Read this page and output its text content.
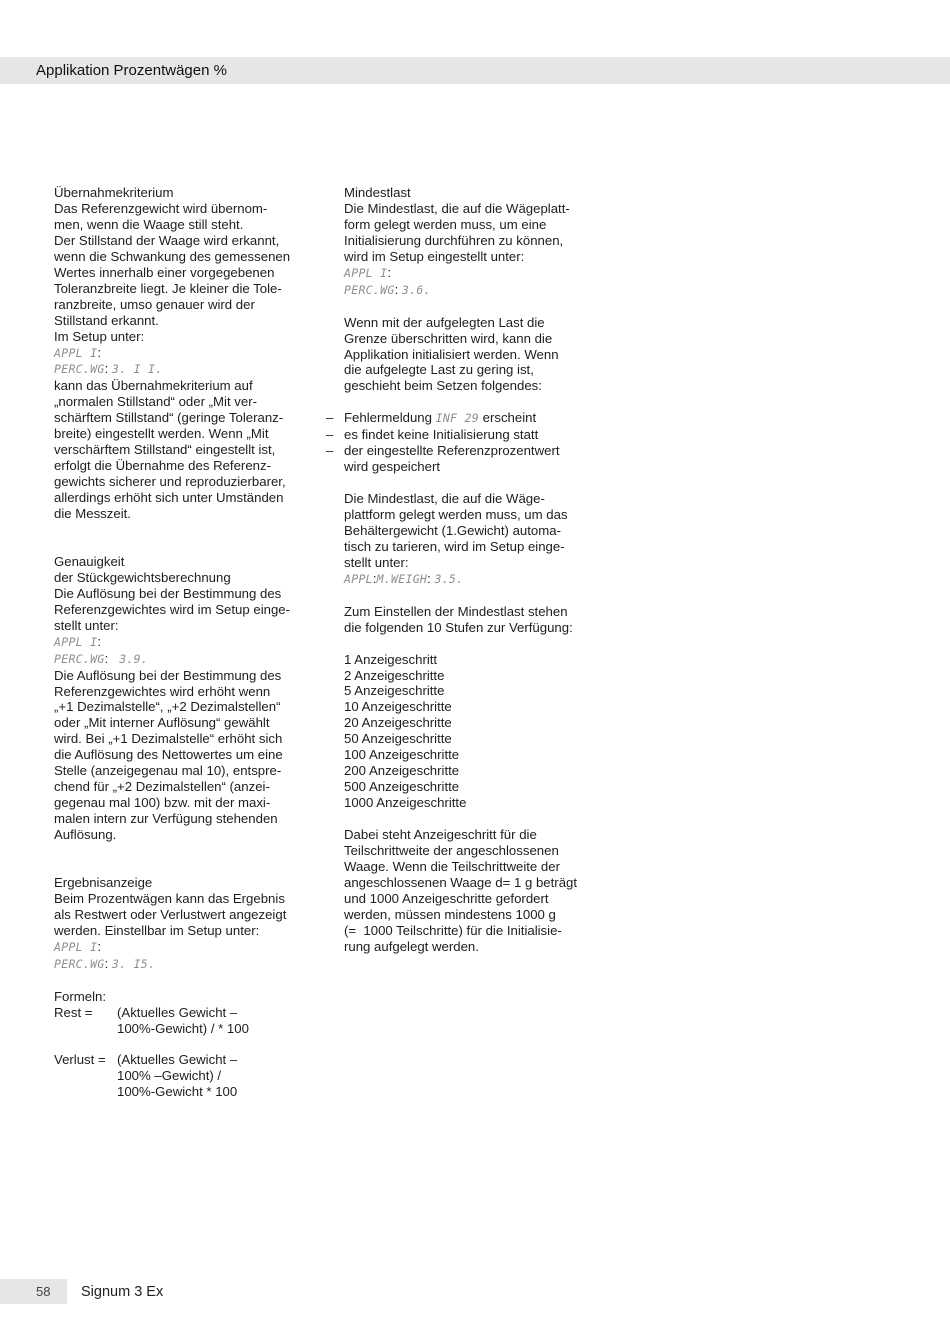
Applikation Prozentwägen %
Übernahmekriterium
Das Referenzgewicht wird übernom-
men, wenn die Waage still steht.
Der Stillstand der Waage wird erkannt,
wenn die Schwankung des gemessenen
Wertes innerhalb einer vorgegebenen
Toleranzbreite liegt. Je kleiner die Tole-
ranzbreite, umso genauer wird der
Stillstand erkannt.
Im Setup unter:
APPL I:
PERC.WG: 3. I I.
kann das Übernahmekriterium auf
„normalen Stillstand“ oder „Mit ver-
schärftem Stillstand“ (geringe Toleranz-
breite) eingestellt werden. Wenn „Mit
verschärftem Stillstand“ eingestellt ist,
erfolgt die Übernahme des Referenz-
gewichts sicherer und reproduzierbarer,
allerdings erhöht sich unter Umständen
die Messzeit.
Genauigkeit
der Stückgewichtsberechnung
Die Auflösung bei der Bestimmung des
Referenzgewichtes wird im Setup einge-
stellt unter:
APPL I:
PERC.WG:   3.9.
Die Auflösung bei der Bestimmung des
Referenzgewichtes wird erhöht wenn
„+1 Dezimalstelle“, „+2 Dezimalstellen“
oder „Mit interner Auflösung“ gewählt
wird. Bei „+1 Dezimalstelle“ erhöht sich
die Auflösung des Nettowertes um eine
Stelle (anzeigegenau mal 10), entspre-
chend für „+2 Dezimalstellen“ (anzei-
gegenau mal 100) bzw. mit der maxi-
malen intern zur Verfügung stehenden
Auflösung.
Ergebnisanzeige
Beim Prozentwägen kann das Ergebnis
als Restwert oder Verlustwert angezeigt
werden. Einstellbar im Setup unter:
APPL I:
PERC.WG: 3. I5.
Formeln:
Rest =	(Aktuelles Gewicht –
100%-Gewicht) / * 100
Verlust = (Aktuelles Gewicht –
100% –Gewicht) /
100%-Gewicht * 100
Mindestlast
Die Mindestlast, die auf die Wägeplatt-
form gelegt werden muss, um eine
Initialisierung durchführen zu können,
wird im Setup eingestellt unter:
APPL I:
PERC.WG: 3.6.
Wenn mit der aufgelegten Last die
Grenze überschritten wird, kann die
Applikation initialisiert werden. Wenn
die aufgelegte Last zu gering ist,
geschieht beim Setzen folgendes:
– Fehlermeldung INF 29 erscheint
– es findet keine Initialisierung statt
– der eingestellte Referenzprozentwert
wird gespeichert
Die Mindestlast, die auf die Wäge-
plattform gelegt werden muss, um das
Behältergewicht (1.Gewicht) automa-
tisch zu tarieren, wird im Setup einge-
stellt unter:
APPL:M.WEIGH: 3.5.
Zum Einstellen der Mindestlast stehen
die folgenden 10 Stufen zur Verfügung:
1 Anzeigeschritt
2 Anzeigeschritte
5 Anzeigeschritte
10 Anzeigeschritte
20 Anzeigeschritte
50 Anzeigeschritte
100 Anzeigeschritte
200 Anzeigeschritte
500 Anzeigeschritte
1000 Anzeigeschritte
Dabei steht Anzeigeschritt für die
Teilschrittweite der angeschlossenen
Waage. Wenn die Teilschrittweite der
angeschlossenen Waage d= 1 g beträgt
und 1000 Anzeigeschritte gefordert
werden, müssen mindestens 1000 g
(=  1000 Teilschritte) für die Initialisie-
rung aufgelegt werden.
58 Signum 3 Ex
